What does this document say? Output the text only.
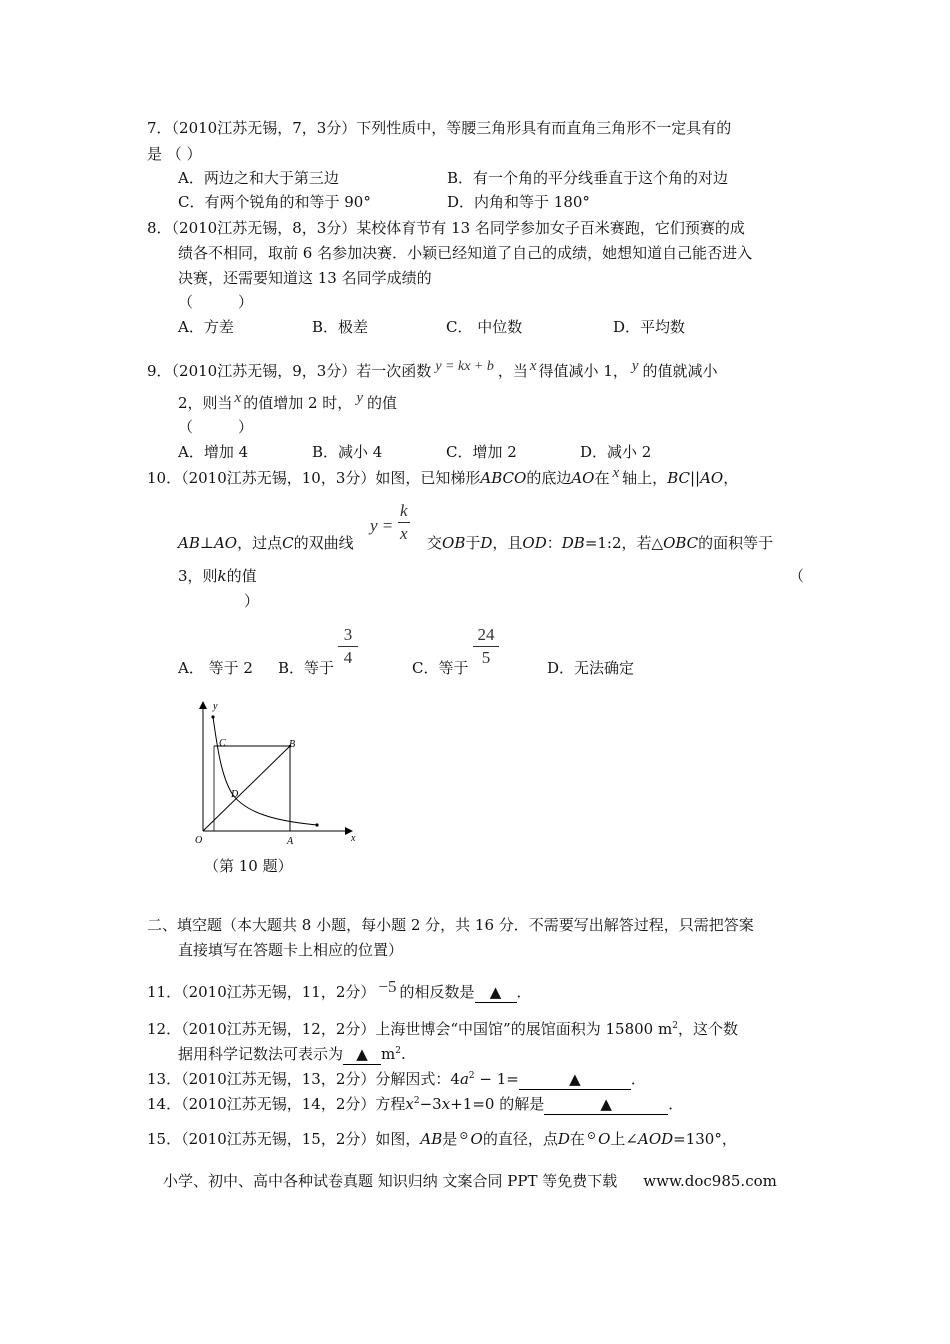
7．（2010江苏无锡，7，3分）下列性质中，等腰三角形具有而直角三角形不一定具有的
是 （ ）
A．两边之和大于第三边	B．有一个角的平分线垂直于这个角的对边
C．有两个锐角的和等于 90°	D．内角和等于 180°
8．（2010江苏无锡，8，3分）某校体育节有 13 名同学参加女子百米赛跑，它们预赛的成
绩各不相同，取前 6 名参加决赛．小颖已经知道了自己的成绩，她想知道自己能否进入
决赛，还需要知道这 13 名同学成绩的
（　　　）
A．方差	B．极差	C． 中位数	D．平均数
9．（2010江苏无锡，9，3分）若一次函数 y = kx + b ，当 x 得值减小 1， y 的值就减小
2，则当 x 的值增加 2 时， y 的值
（　　　）
A．增加 4	B．减小 4	C．增加 2	D．减小 2
10．（2010江苏无锡，10，3分）如图，已知梯形ABCO的底边AO在 x 轴上，BC||AO，
$y = \frac{k}{x}$
AB⊥AO，过点C的双曲线	交OB于D，且OD：DB=1:2，若△OBC的面积等于
3，则k的值	（
）
A． 等于 2 B．等于 $\frac{3}{4}$	C．等于 $\frac{24}{5}$	D．无法确定
y
x
C	B
D
O	A
（第 10 题）
二、填空题（本大题共 8 小题，每小题 2 分，共 16 分．不需要写出解答过程，只需把答案
直接填写在答题卡上相应的位置）
11．（2010江苏无锡，11，2分） −5 的相反数是 ▲ ．
12．（2010江苏无锡，12，2分）上海世博会“中国馆”的展馆面积为 15800 $m^2$，这个数
据用科学记数法可表示为 ▲ $m^2$.
13．（2010江苏无锡，13，2分）分解因式：$4a^2 - 1=$	▲	．
14．（2010江苏无锡，14，2分）方程$x^2-3x+1=0$ 的解是	▲	．
15．（2010江苏无锡，15，2分）如图，AB是 ⊙ O的直径，点D在 ⊙ O上∠AOD=130°，
小学、初中、高中各种试卷真题 知识归纳 文案合同 PPT 等免费下载 www.doc985.com
